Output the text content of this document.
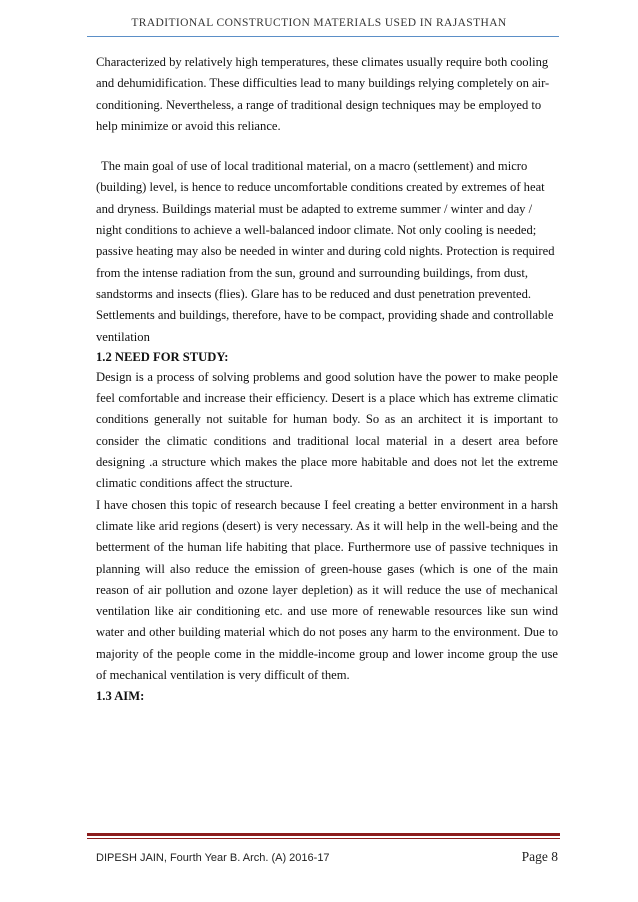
TRADITIONAL CONSTRUCTION MATERIALS USED IN RAJASTHAN

Characterized by relatively high temperatures, these climates usually require both cooling and dehumidification. These difficulties lead to many buildings relying completely on air-conditioning. Nevertheless, a range of traditional design techniques may be employed to help minimize or avoid this reliance.

The main goal of use of local traditional material, on a macro (settlement) and micro (building) level, is hence to reduce uncomfortable conditions created by extremes of heat and dryness. Buildings material must be adapted to extreme summer / winter and day / night conditions to achieve a well-balanced indoor climate. Not only cooling is needed; passive heating may also be needed in winter and during cold nights. Protection is required from the intense radiation from the sun, ground and surrounding buildings, from dust, sandstorms and insects (flies). Glare has to be reduced and dust penetration prevented. Settlements and buildings, therefore, have to be compact, providing shade and controllable ventilation

1.2 NEED FOR STUDY:

Design is a process of solving problems and good solution have the power to make people feel comfortable and increase their efficiency. Desert is a place which has extreme climatic conditions generally not suitable for human body. So as an architect it is important to consider the climatic conditions and traditional local material in a desert area before designing .a structure which makes the place more habitable and does not let the extreme climatic conditions affect the structure.

I have chosen this topic of research because I feel creating a better environment in a harsh climate like arid regions (desert) is very necessary. As it will help in the well-being and the betterment of the human life habiting that place. Furthermore use of passive techniques in planning will also reduce the emission of green-house gases (which is one of the main reason of air pollution and ozone layer depletion) as it will reduce the use of mechanical ventilation like air conditioning etc. and use more of renewable resources like sun wind water and other building material which do not poses any harm to the environment. Due to majority of the people come in the middle-income group and lower income group the use of mechanical ventilation is very difficult of them.

1.3 AIM:

DIPESH JAIN, Fourth Year B. Arch. (A) 2016-17	Page 8
